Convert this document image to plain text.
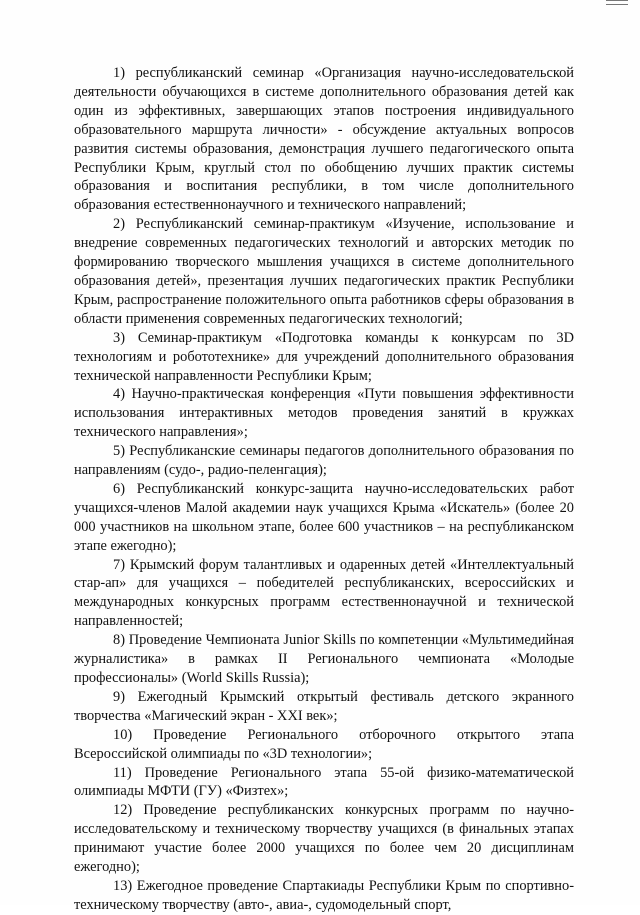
1) республиканский семинар «Организация научно-исследовательской деятельности обучающихся в системе дополнительного образования детей как один из эффективных, завершающих этапов построения индивидуального образовательного маршрута личности» - обсуждение актуальных вопросов развития системы образования, демонстрация лучшего педагогического опыта Республики Крым, круглый стол по обобщению лучших практик системы образования и воспитания республики, в том числе дополнительного образования естественнонаучного и технического направлений;

2) Республиканский семинар-практикум «Изучение, использование и внедрение современных педагогических технологий и авторских методик по формированию творческого мышления учащихся в системе дополнительного образования детей», презентация лучших педагогических практик Республики Крым, распространение положительного опыта работников сферы образования в области применения современных педагогических технологий;

3) Семинар-практикум «Подготовка команды к конкурсам по 3D технологиям и робототехнике» для учреждений дополнительного образования технической направленности Республики Крым;

4) Научно-практическая конференция «Пути повышения эффективности использования интерактивных методов проведения занятий в кружках технического направления»;

5) Республиканские семинары педагогов дополнительного образования по направлениям (судо-, радио-пеленгация);

6) Республиканский конкурс-защита научно-исследовательских работ учащихся-членов Малой академии наук учащихся Крыма «Искатель» (более 20 000 участников на школьном этапе, более 600 участников – на республиканском этапе ежегодно);

7) Крымский форум талантливых и одаренных детей «Интеллектуальный стар-ап» для учащихся – победителей республиканских, всероссийских и международных конкурсных программ естественнонаучной и технической направленностей;

8) Проведение Чемпионата Junior Skills по компетенции «Мультимедийная журналистика» в рамках II Регионального чемпионата «Молодые профессионалы» (World Skills Russia);

9) Ежегодный Крымский открытый фестиваль детского экранного творчества «Магический экран - XXI век»;

10) Проведение Регионального отборочного открытого этапа Всероссийской олимпиады по «3D технологии»;

11) Проведение Регионального этапа 55-ой физико-математической олимпиады МФТИ (ГУ) «Физтех»;

12) Проведение республиканских конкурсных программ по научно-исследовательскому и техническому творчеству учащихся (в финальных этапах принимают участие более 2000 учащихся по более чем 20 дисциплинам ежегодно);

13) Ежегодное проведение Спартакиады Республики Крым по спортивно-техническому творчеству (авто-, авиа-, судомодельный спорт,
